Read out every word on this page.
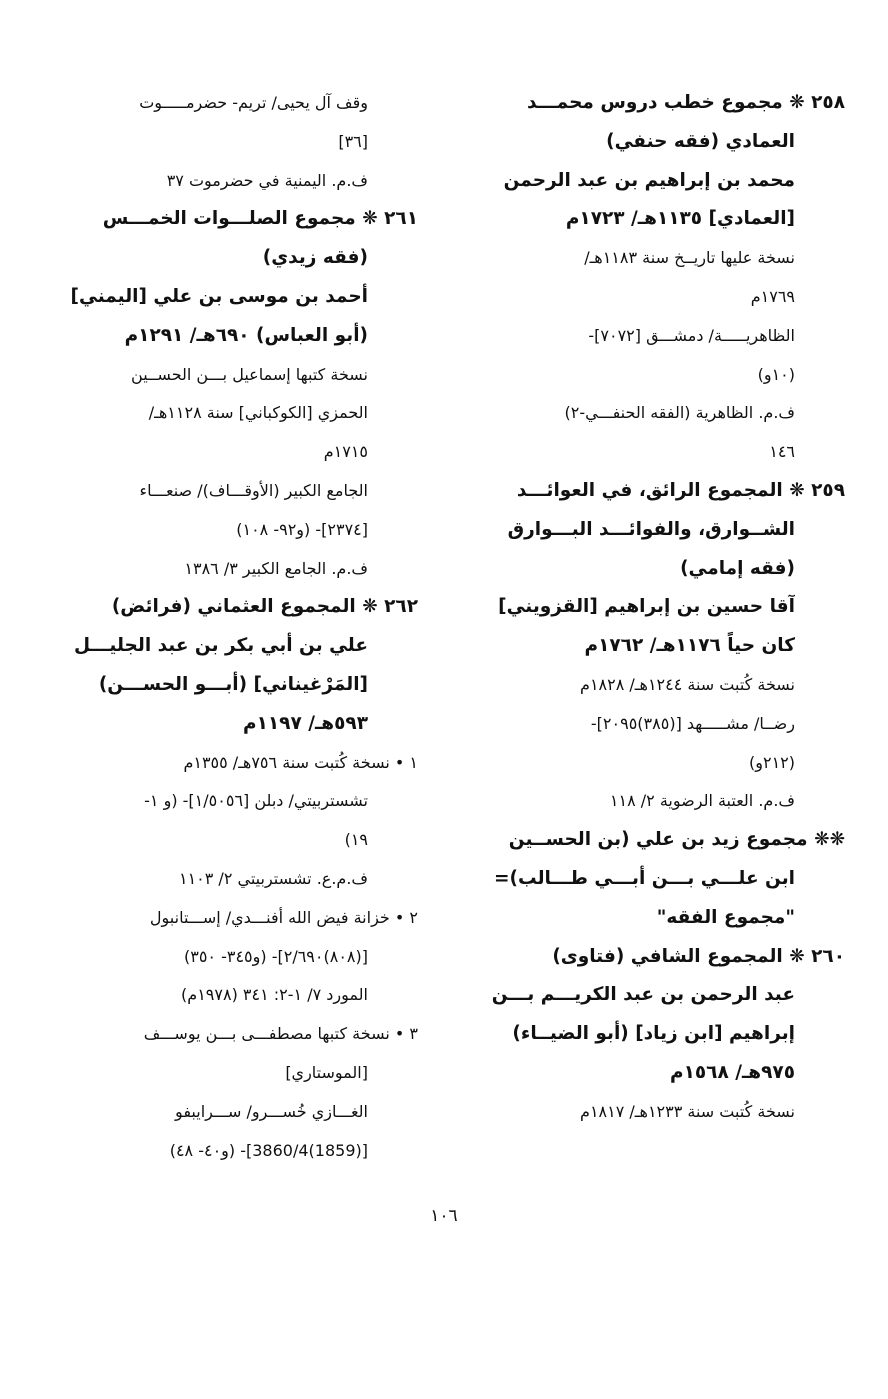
٢٥٨ ❋ مجموع خطب دروس محمـــد
العمادي (فقه حنفي)
محمد بن إبراهيم بن عبد الرحمن
[العمادي] ١١٣٥هـ/ ١٧٢٣م
نسخة عليها تاريــخ سنة ١١٨٣هـ/
١٧٦٩م
الظاهريـــــة/ دمشـــق [٧٠٧٢]-
(١٠و)
ف.م. الظاهرية (الفقه الحنفـــي-٢)
١٤٦
٢٥٩ ❋ المجموع الرائق، في العوائـــد
الشــوارق، والفوائـــد البـــوارق
(فقه إمامي)
آقا حسين بن إبراهيم [القزويني]
كان حياً ١١٧٦هـ/ ١٧٦٢م
نسخة كُتبت سنة ١٢٤٤هـ/ ١٨٢٨م
رضــا/ مشـــــهد [(٣٨٥)٢٠٩٥]-
(٢١٢و)
ف.م. العتبة الرضوية ٢/ ١١٨
❋❋ مجموع زيد بن علي (بن الحســين
ابن علـــي بـــن أبـــي طـــالب)=
"مجموع الفقه"
٢٦٠ ❋ المجموع الشافي (فتاوى)
عبد الرحمن بن عبد الكريـــم بـــن
إبراهيم [ابن زياد] (أبو الضيــاء)
٩٧٥هـ/ ١٥٦٨م
نسخة كُتبت سنة ١٢٣٣هـ/ ١٨١٧م
وقف آل يحيى/ تريم- حضرمـــــوت
[٣٦]
ف.م. اليمنية في حضرموت ٣٧
٢٦١ ❋ مجموع الصلـــوات الخمـــس
(فقه زيدي)
أحمد بن موسى بن علي [اليمني]
(أبو العباس) ٦٩٠هـ/ ١٢٩١م
نسخة كتبها إسماعيل بـــن الحســين
الحمزي [الكوكباني] سنة ١١٢٨هـ/
١٧١٥م
الجامع الكبير (الأوقـــاف)/ صنعـــاء
[٢٣٧٤]- (و٩٢- ١٠٨)
ف.م. الجامع الكبير ٣/ ١٣٨٦
٢٦٢ ❋ المجموع العثماني (فرائض)
علي بن أبي بكر بن عبد الجليـــل
[المَرْغيناني] (أبـــو الحســـن)
٥٩٣هـ/ ١١٩٧م
١ • نسخة كُتبت سنة ٧٥٦هـ/ ١٣٥٥م
تشستربيتي/ دبلن [١/٥٠٥٦]- (و ١-
١٩)
ف.م.ع. تشستربيتي ٢/ ١١٠٣
٢ • خزانة فيض الله أفنـــدي/ إســـتانبول
[(٨٠٨)٢/٦٩٠]- (و٣٤٥- ٣٥٠)
المورد ٧/ ١-٢: ٣٤١ (١٩٧٨م)
٣ • نسخة كتبها مصطفـــى بـــن يوســـف
[الموستاري]
الغـــازي خُســـرو/ ســـرايبفو
[(1859)3860/4]- (و٤٠- ٤٨)
١٠٦
